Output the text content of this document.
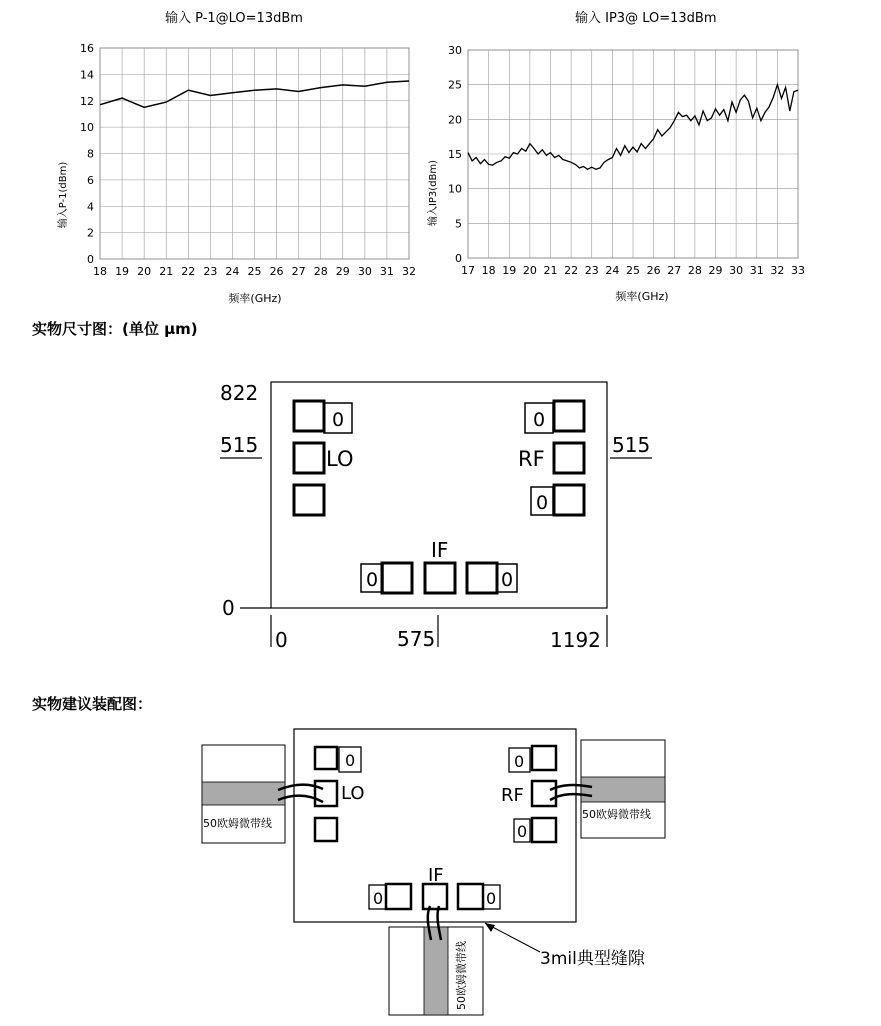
输入 P-1@LO=13dBm
18 19 20 21 22 23 24 25 26 27 28 29 30 31 32
0
2
4
6
8
10
12
14
16
频率(GHz)
输入P-1(dBm)
输入 IP3@ LO=13dBm
17 18 19 20 21 22 23 24 25 26 27 28 29 30 31 32 33
0
5
10
15
20
25
30
频率(GHz)
输入IP3(dBm)
实物尺寸图：(单位 μm)
822
515	515
0
0	575	1192
0
LO
0
RF
0
IF
0	0
实物建议装配图：
50欧姆微带线
50欧姆微带线
50欧姆微带线
0
LO
0
RF
0
IF
0	0
3mil典型缝隙
